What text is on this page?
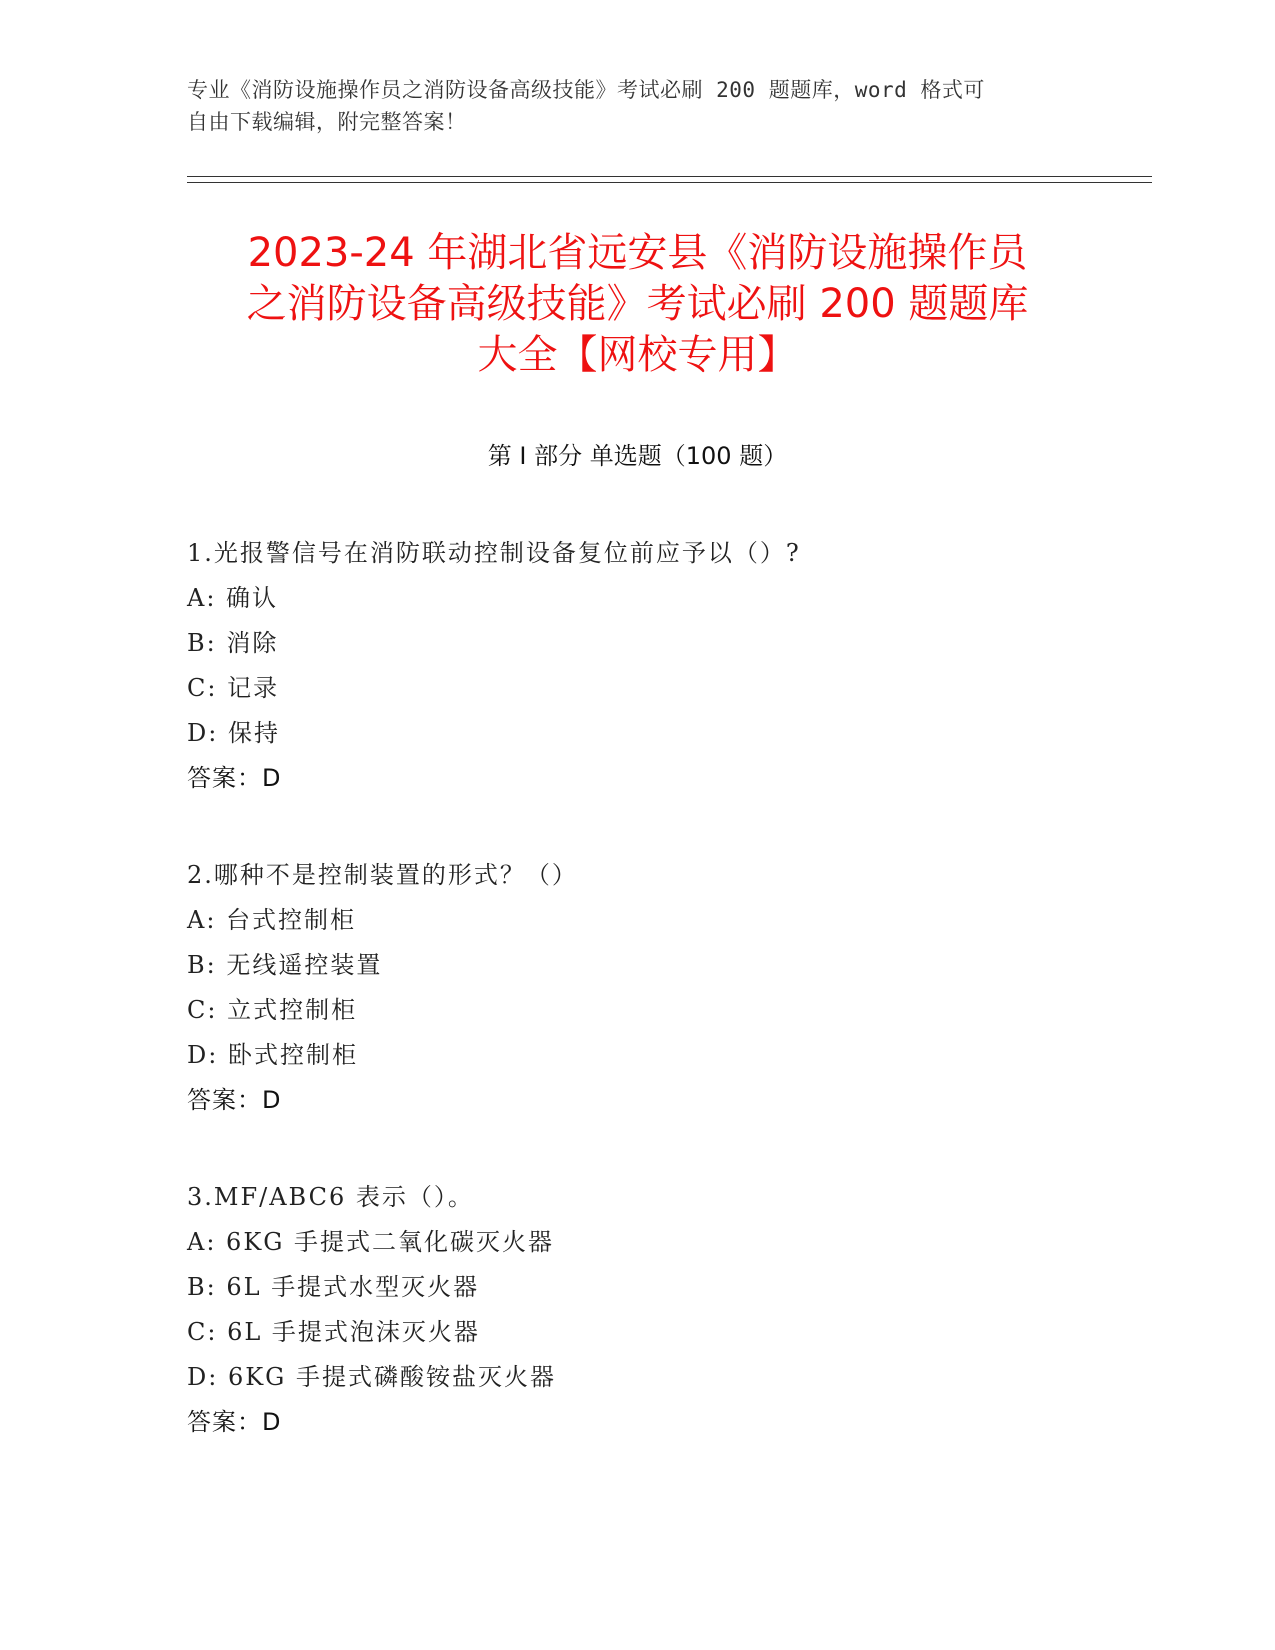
专业《消防设施操作员之消防设备高级技能》考试必刷 200 题题库，word 格式可
自由下载编辑，附完整答案！
2023-24 年湖北省远安县《消防设施操作员
之消防设备高级技能》考试必刷 200 题题库
大全【网校专用】
第 I 部分 单选题（100 题）
1.光报警信号在消防联动控制设备复位前应予以（）?
A: 确认
B: 消除
C: 记录
D: 保持
答案：D
2.哪种不是控制装置的形式？（）
A: 台式控制柜
B: 无线遥控装置
C: 立式控制柜
D: 卧式控制柜
答案：D
3.MF/ABC6 表示（）。
A: 6KG 手提式二氧化碳灭火器
B: 6L 手提式水型灭火器
C: 6L 手提式泡沫灭火器
D: 6KG 手提式磷酸铵盐灭火器
答案：D
